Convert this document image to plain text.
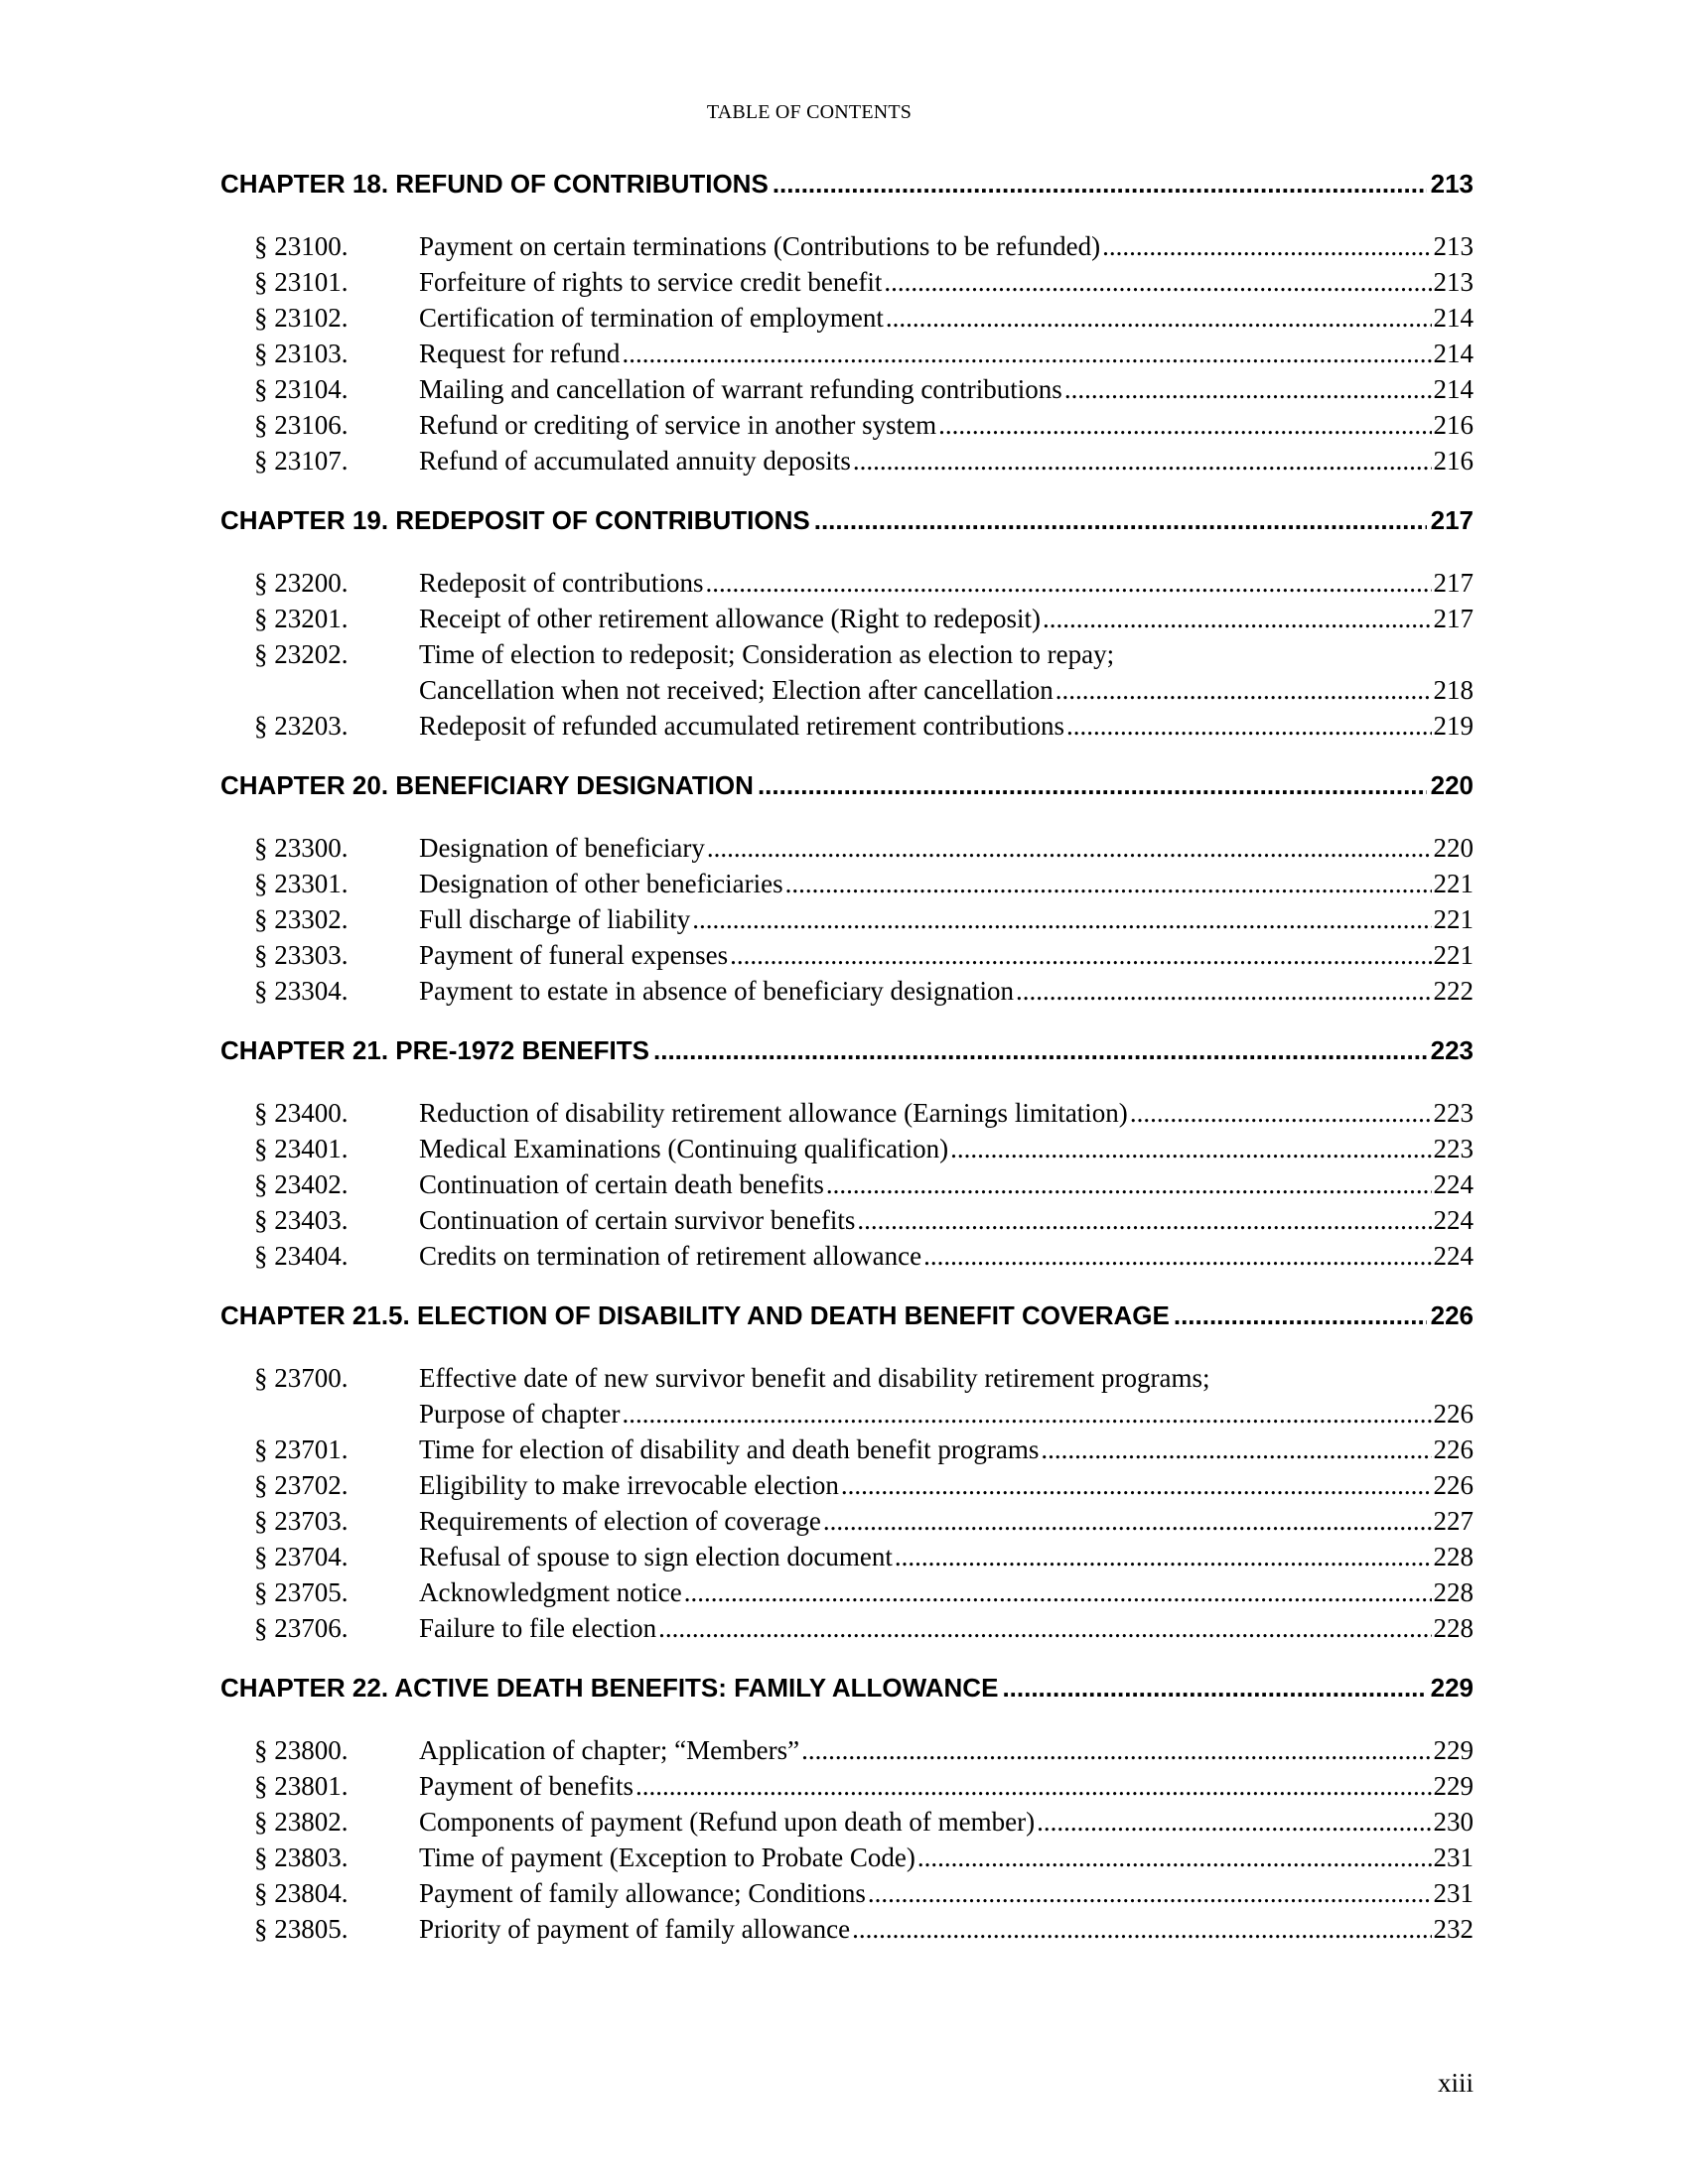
TABLE OF CONTENTS
CHAPTER 18. REFUND OF CONTRIBUTIONS .....	213
§ 23100.	Payment on certain terminations (Contributions to be refunded) .....	213
§ 23101.	Forfeiture of rights to service credit benefit .....	213
§ 23102.	Certification of termination of employment .....	214
§ 23103.	Request for refund .....	214
§ 23104.	Mailing and cancellation of warrant refunding contributions .....	214
§ 23106.	Refund or crediting of service in another system .....	216
§ 23107.	Refund of accumulated annuity deposits .....	216
CHAPTER 19. REDEPOSIT OF CONTRIBUTIONS .....	217
§ 23200.	Redeposit of contributions .....	217
§ 23201.	Receipt of other retirement allowance (Right to redeposit) .....	217
§ 23202.	Time of election to redeposit; Consideration as election to repay;
Cancellation when not received; Election after cancellation .....	218
§ 23203.	Redeposit of refunded accumulated retirement contributions .....	219
CHAPTER 20. BENEFICIARY DESIGNATION .....	220
§ 23300.	Designation of beneficiary .....	220
§ 23301.	Designation of other beneficiaries .....	221
§ 23302.	Full discharge of liability .....	221
§ 23303.	Payment of funeral expenses .....	221
§ 23304.	Payment to estate in absence of beneficiary designation .....	222
CHAPTER 21. PRE-1972 BENEFITS .....	223
§ 23400.	Reduction of disability retirement allowance (Earnings limitation) .....	223
§ 23401.	Medical Examinations (Continuing qualification) .....	223
§ 23402.	Continuation of certain death benefits .....	224
§ 23403.	Continuation of certain survivor benefits .....	224
§ 23404.	Credits on termination of retirement allowance .....	224
CHAPTER 21.5. ELECTION OF DISABILITY AND DEATH BENEFIT COVERAGE .....	226
§ 23700.	Effective date of new survivor benefit and disability retirement programs;
Purpose of chapter .....	226
§ 23701.	Time for election of disability and death benefit programs .....	226
§ 23702.	Eligibility to make irrevocable election .....	226
§ 23703.	Requirements of election of coverage .....	227
§ 23704.	Refusal of spouse to sign election document .....	228
§ 23705.	Acknowledgment notice .....	228
§ 23706.	Failure to file election .....	228
CHAPTER 22. ACTIVE DEATH BENEFITS: FAMILY ALLOWANCE .....	229
§ 23800.	Application of chapter; “Members” .....	229
§ 23801.	Payment of benefits .....	229
§ 23802.	Components of payment (Refund upon death of member) .....	230
§ 23803.	Time of payment (Exception to Probate Code) .....	231
§ 23804.	Payment of family allowance; Conditions .....	231
§ 23805.	Priority of payment of family allowance .....	232
xiii
